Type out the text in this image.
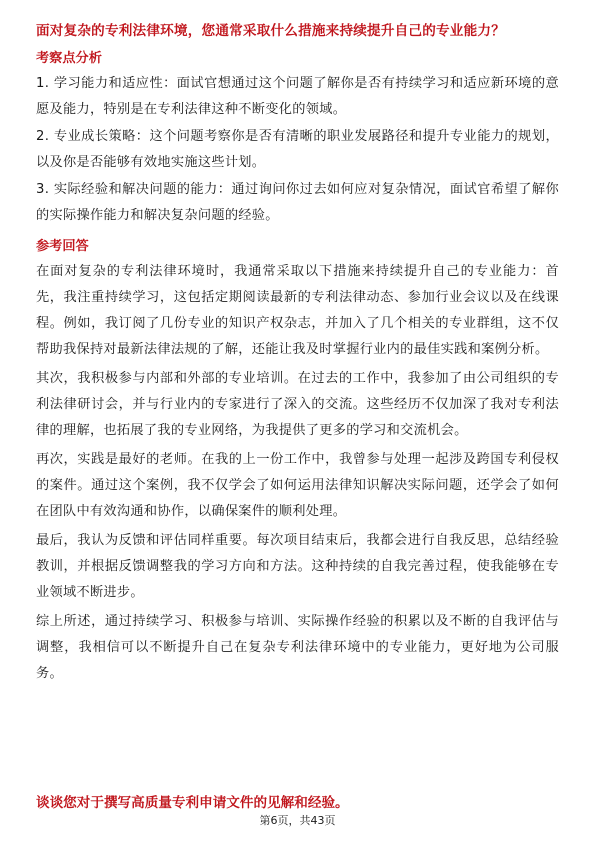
面对复杂的专利法律环境，您通常采取什么措施来持续提升自己的专业能力？
考察点分析

1. 学习能力和适应性：面试官想通过这个问题了解你是否有持续学习和适应新环境的意愿及能力，特别是在专利法律这种不断变化的领域。

2. 专业成长策略：这个问题考察你是否有清晰的职业发展路径和提升专业能力的规划，以及你是否能够有效地实施这些计划。

3. 实际经验和解决问题的能力：通过询问你过去如何应对复杂情况，面试官希望了解你的实际操作能力和解决复杂问题的经验。

参考回答

在面对复杂的专利法律环境时，我通常采取以下措施来持续提升自己的专业能力：首先，我注重持续学习，这包括定期阅读最新的专利法律动态、参加行业会议以及在线课程。例如，我订阅了几份专业的知识产权杂志，并加入了几个相关的专业群组，这不仅帮助我保持对最新法律法规的了解，还能让我及时掌握行业内的最佳实践和案例分析。

其次，我积极参与内部和外部的专业培训。在过去的工作中，我参加了由公司组织的专利法律研讨会，并与行业内的专家进行了深入的交流。这些经历不仅加深了我对专利法律的理解，也拓展了我的专业网络，为我提供了更多的学习和交流机会。

再次，实践是最好的老师。在我的上一份工作中，我曾参与处理一起涉及跨国专利侵权的案件。通过这个案例，我不仅学会了如何运用法律知识解决实际问题，还学会了如何在团队中有效沟通和协作，以确保案件的顺利处理。

最后，我认为反馈和评估同样重要。每次项目结束后，我都会进行自我反思，总结经验教训，并根据反馈调整我的学习方向和方法。这种持续的自我完善过程，使我能够在专业领域不断进步。

综上所述，通过持续学习、积极参与培训、实际操作经验的积累以及不断的自我评估与调整，我相信可以不断提升自己在复杂专利法律环境中的专业能力，更好地为公司服务。

谈谈您对于撰写高质量专利申请文件的见解和经验。
第6页，共43页
